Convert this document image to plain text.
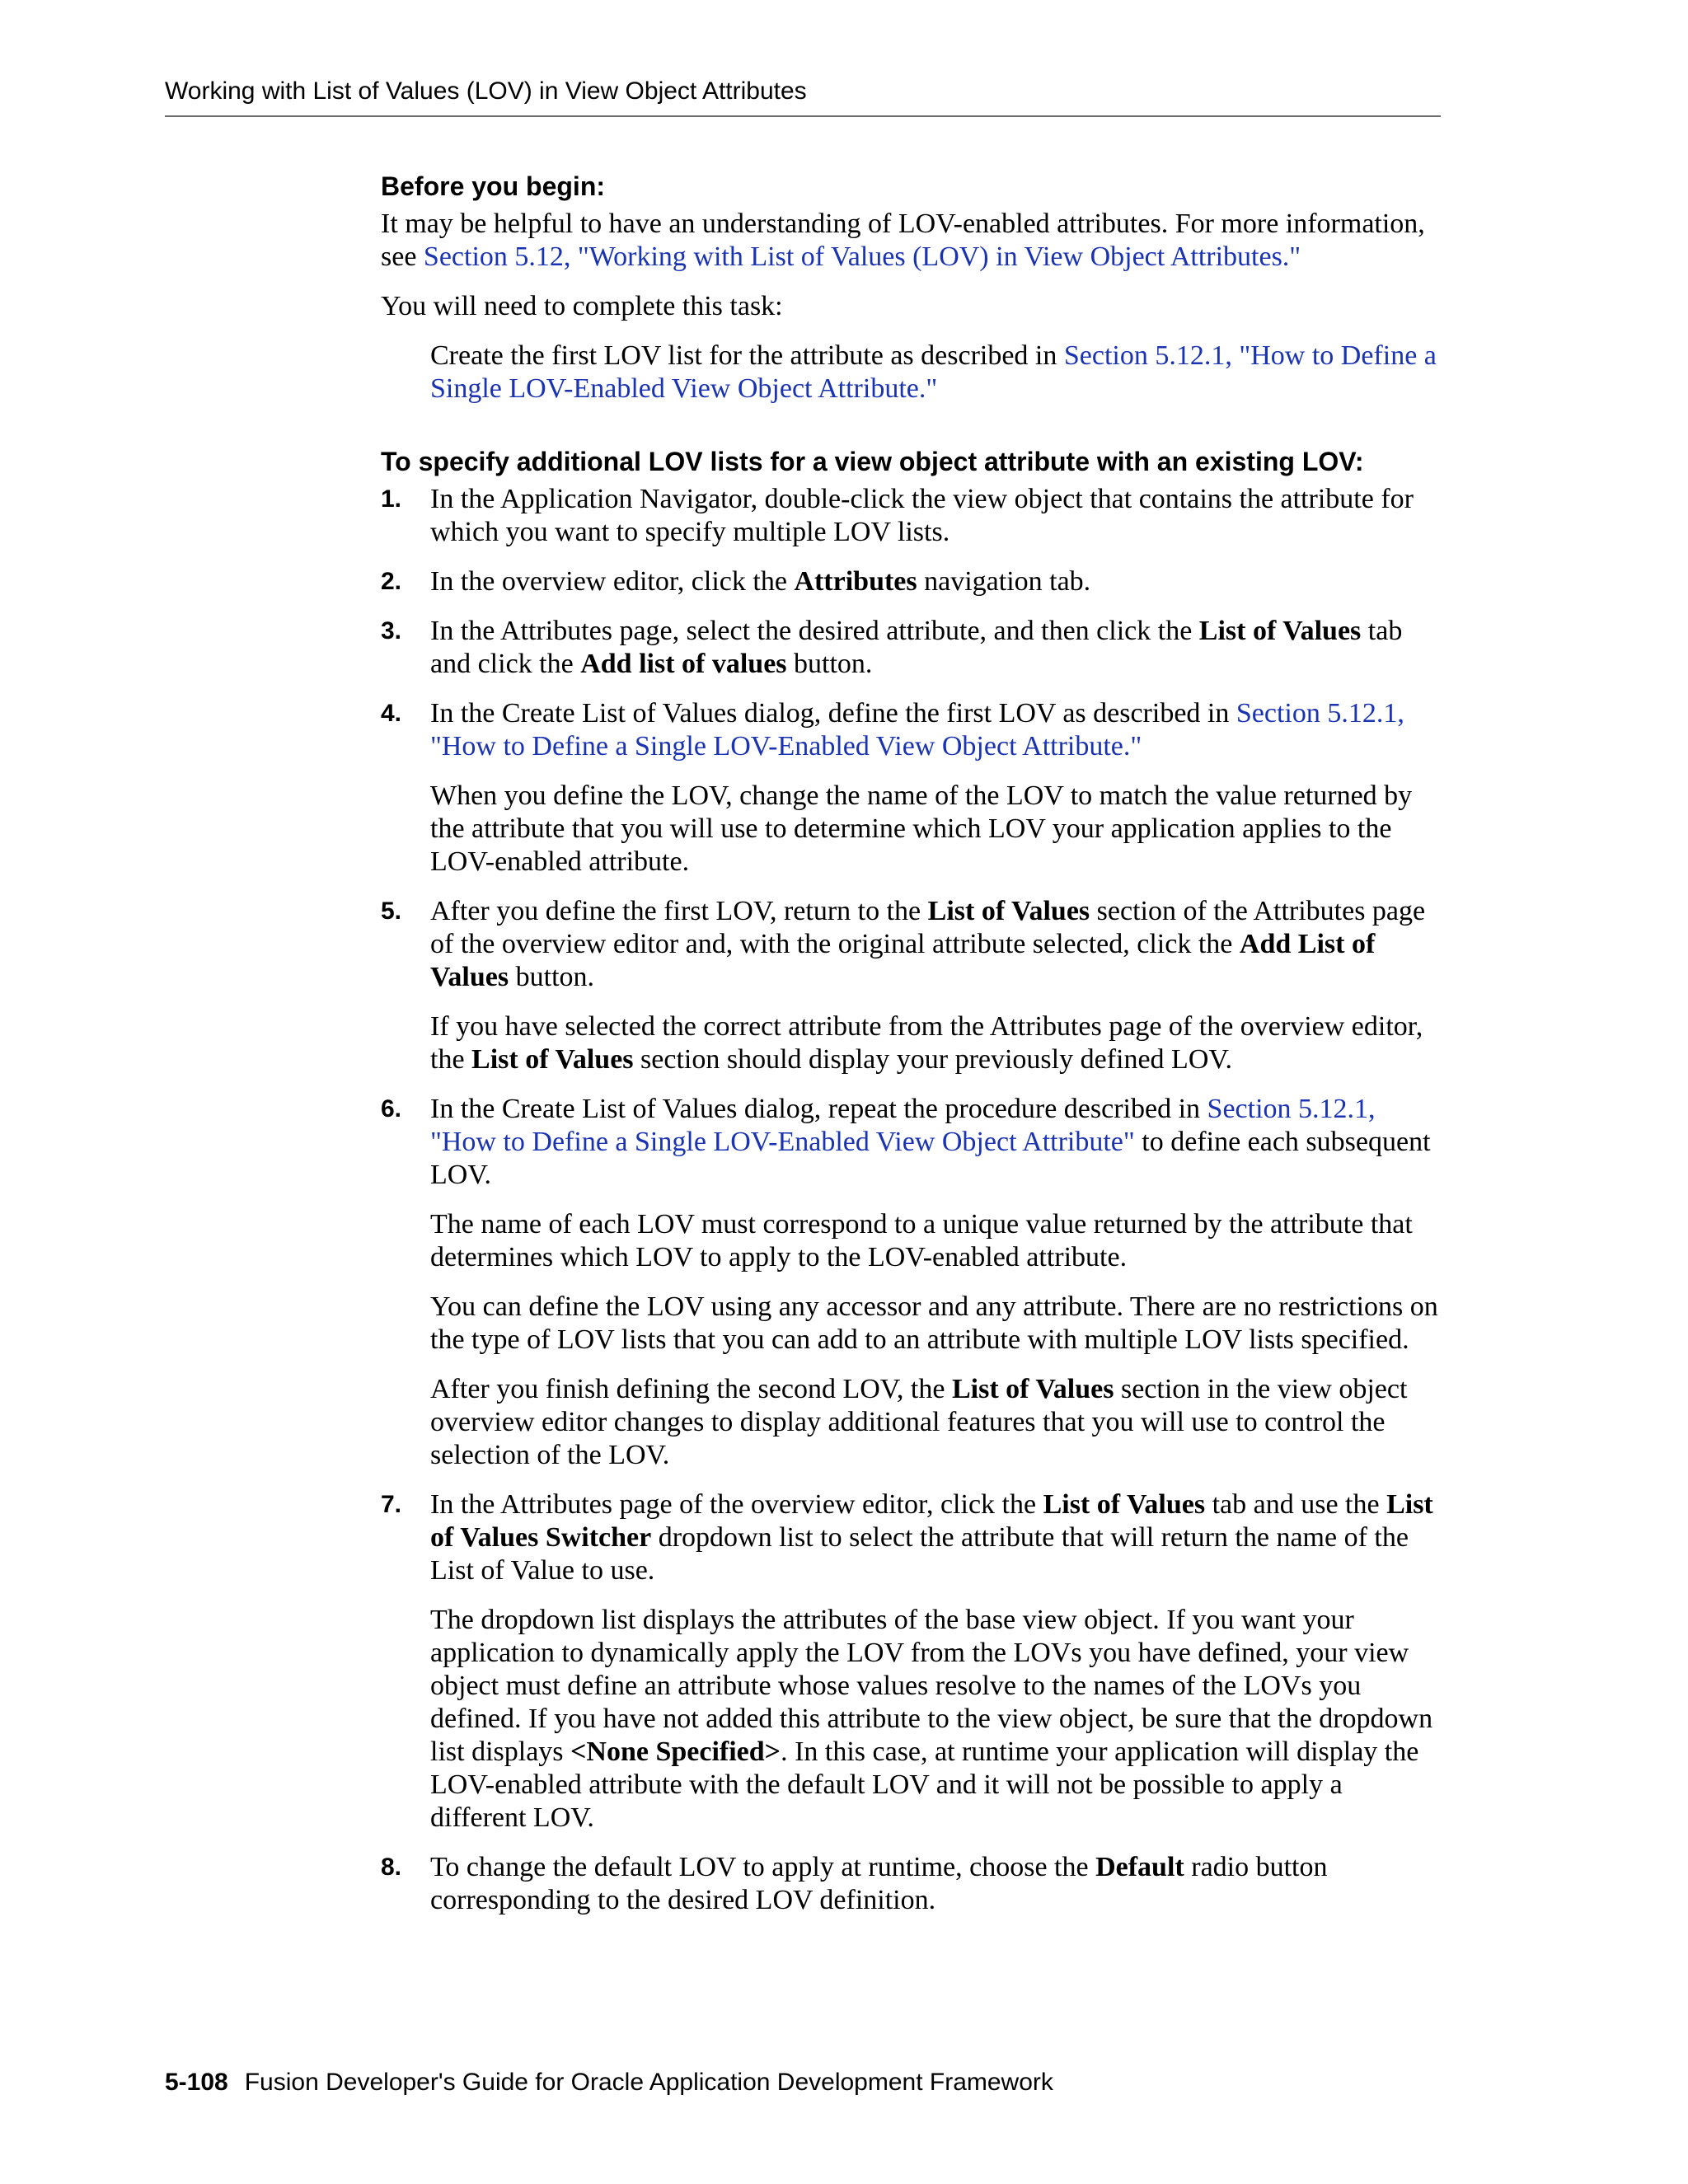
Working with List of Values (LOV) in View Object Attributes
Before you begin:

It may be helpful to have an understanding of LOV-enabled attributes. For more information, see Section 5.12, "Working with List of Values (LOV) in View Object Attributes."

You will need to complete this task:

Create the first LOV list for the attribute as described in Section 5.12.1, "How to Define a Single LOV-Enabled View Object Attribute."

To specify additional LOV lists for a view object attribute with an existing LOV:
1. In the Application Navigator, double-click the view object that contains the attribute for which you want to specify multiple LOV lists.

2. In the overview editor, click the Attributes navigation tab.

3. In the Attributes page, select the desired attribute, and then click the List of Values tab and click the Add list of values button.

4. In the Create List of Values dialog, define the first LOV as described in Section 5.12.1, "How to Define a Single LOV-Enabled View Object Attribute."

When you define the LOV, change the name of the LOV to match the value returned by the attribute that you will use to determine which LOV your application applies to the LOV-enabled attribute.

5. After you define the first LOV, return to the List of Values section of the Attributes page of the overview editor and, with the original attribute selected, click the Add List of Values button.

If you have selected the correct attribute from the Attributes page of the overview editor, the List of Values section should display your previously defined LOV.

6. In the Create List of Values dialog, repeat the procedure described in Section 5.12.1, "How to Define a Single LOV-Enabled View Object Attribute" to define each subsequent LOV.

The name of each LOV must correspond to a unique value returned by the attribute that determines which LOV to apply to the LOV-enabled attribute.

You can define the LOV using any accessor and any attribute. There are no restrictions on the type of LOV lists that you can add to an attribute with multiple LOV lists specified.

After you finish defining the second LOV, the List of Values section in the view object overview editor changes to display additional features that you will use to control the selection of the LOV.

7. In the Attributes page of the overview editor, click the List of Values tab and use the List of Values Switcher dropdown list to select the attribute that will return the name of the List of Value to use.

The dropdown list displays the attributes of the base view object. If you want your application to dynamically apply the LOV from the LOVs you have defined, your view object must define an attribute whose values resolve to the names of the LOVs you defined. If you have not added this attribute to the view object, be sure that the dropdown list displays <None Specified>. In this case, at runtime your application will display the LOV-enabled attribute with the default LOV and it will not be possible to apply a different LOV.

8. To change the default LOV to apply at runtime, choose the Default radio button corresponding to the desired LOV definition.

5-108 Fusion Developer's Guide for Oracle Application Development Framework
